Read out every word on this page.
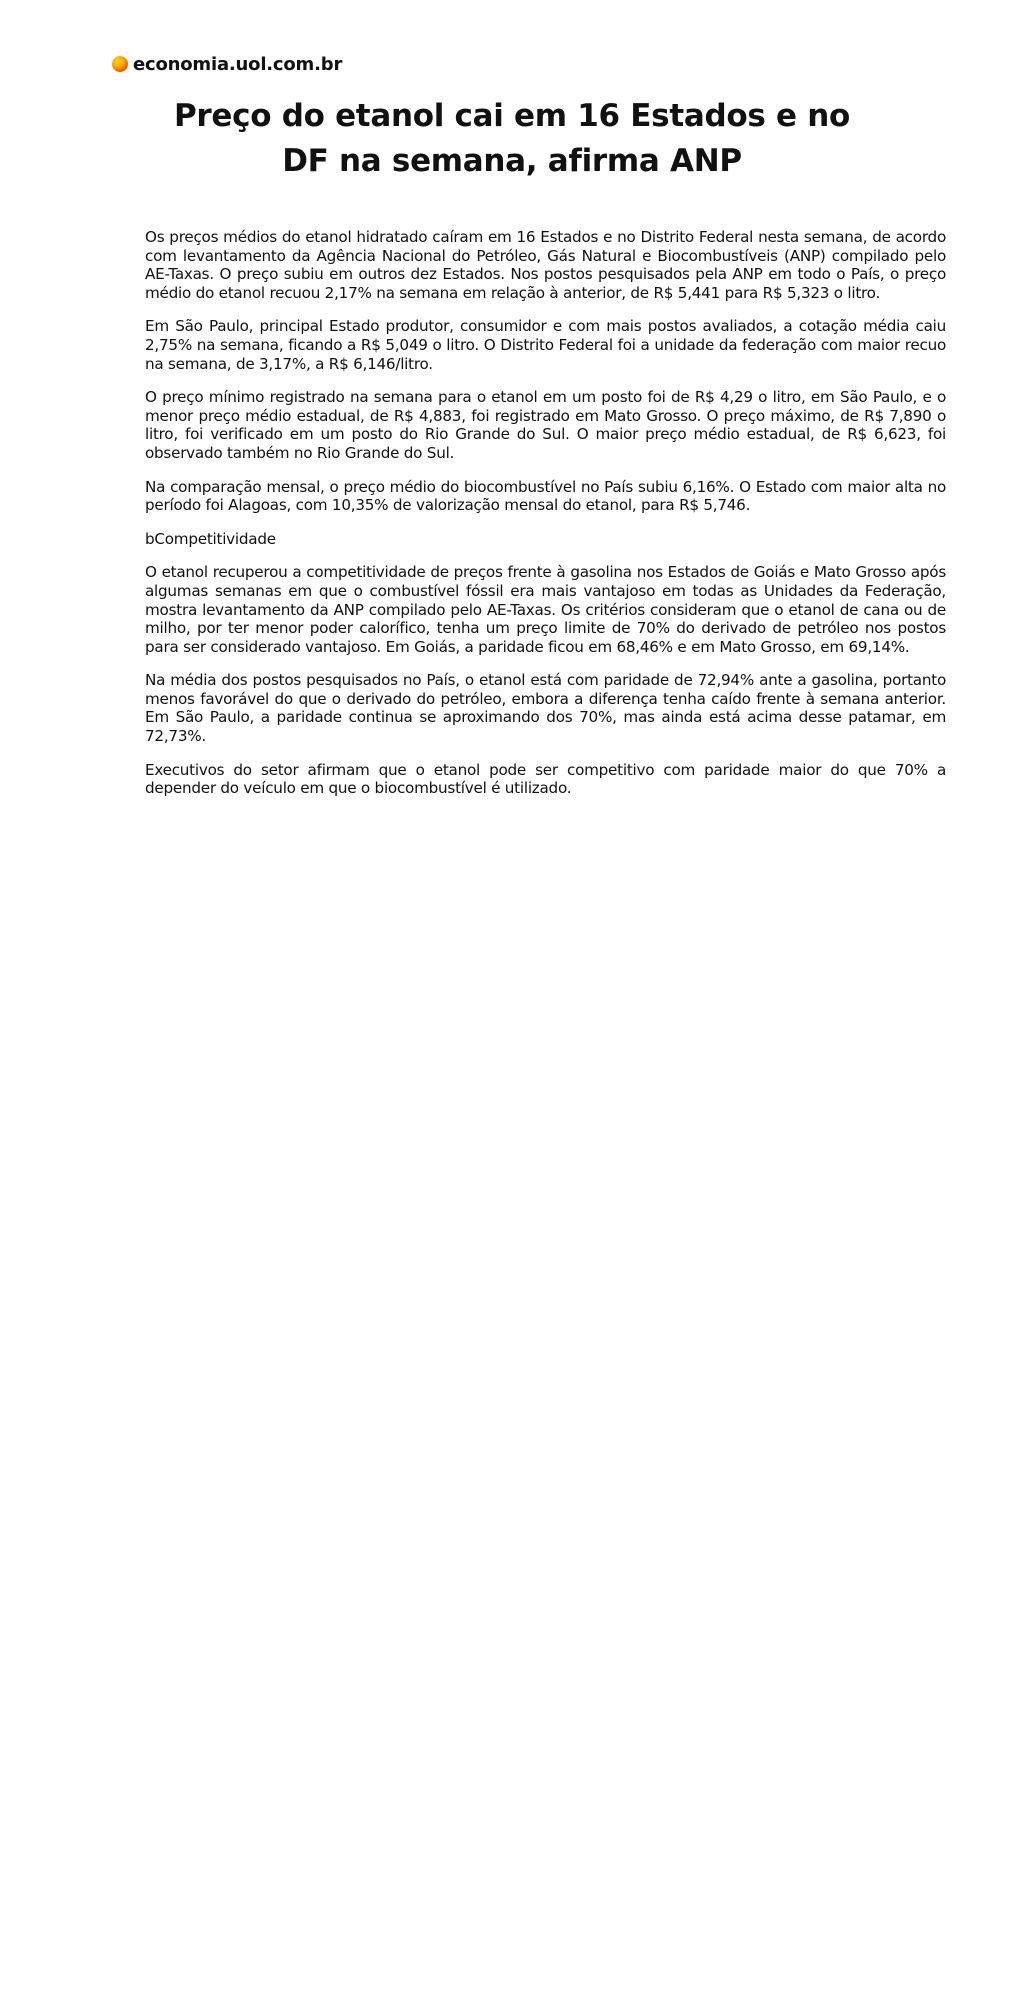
economia.uol.com.br
Preço do etanol cai em 16 Estados e no DF na semana, afirma ANP

Os preços médios do etanol hidratado caíram em 16 Estados e no Distrito Federal nesta semana, de acordo com levantamento da Agência Nacional do Petróleo, Gás Natural e Biocombustíveis (ANP) compilado pelo AE-Taxas. O preço subiu em outros dez Estados. Nos postos pesquisados pela ANP em todo o País, o preço médio do etanol recuou 2,17% na semana em relação à anterior, de R$ 5,441 para R$ 5,323 o litro.

Em São Paulo, principal Estado produtor, consumidor e com mais postos avaliados, a cotação média caiu 2,75% na semana, ficando a R$ 5,049 o litro. O Distrito Federal foi a unidade da federação com maior recuo na semana, de 3,17%, a R$ 6,146/litro.

O preço mínimo registrado na semana para o etanol em um posto foi de R$ 4,29 o litro, em São Paulo, e o menor preço médio estadual, de R$ 4,883, foi registrado em Mato Grosso. O preço máximo, de R$ 7,890 o litro, foi verificado em um posto do Rio Grande do Sul. O maior preço médio estadual, de R$ 6,623, foi observado também no Rio Grande do Sul.

Na comparação mensal, o preço médio do biocombustível no País subiu 6,16%. O Estado com maior alta no período foi Alagoas, com 10,35% de valorização mensal do etanol, para R$ 5,746.

bCompetitividade

O etanol recuperou a competitividade de preços frente à gasolina nos Estados de Goiás e Mato Grosso após algumas semanas em que o combustível fóssil era mais vantajoso em todas as Unidades da Federação, mostra levantamento da ANP compilado pelo AE-Taxas. Os critérios consideram que o etanol de cana ou de milho, por ter menor poder calorífico, tenha um preço limite de 70% do derivado de petróleo nos postos para ser considerado vantajoso. Em Goiás, a paridade ficou em 68,46% e em Mato Grosso, em 69,14%.

Na média dos postos pesquisados no País, o etanol está com paridade de 72,94% ante a gasolina, portanto menos favorável do que o derivado do petróleo, embora a diferença tenha caído frente à semana anterior. Em São Paulo, a paridade continua se aproximando dos 70%, mas ainda está acima desse patamar, em 72,73%.

Executivos do setor afirmam que o etanol pode ser competitivo com paridade maior do que 70% a depender do veículo em que o biocombustível é utilizado.
